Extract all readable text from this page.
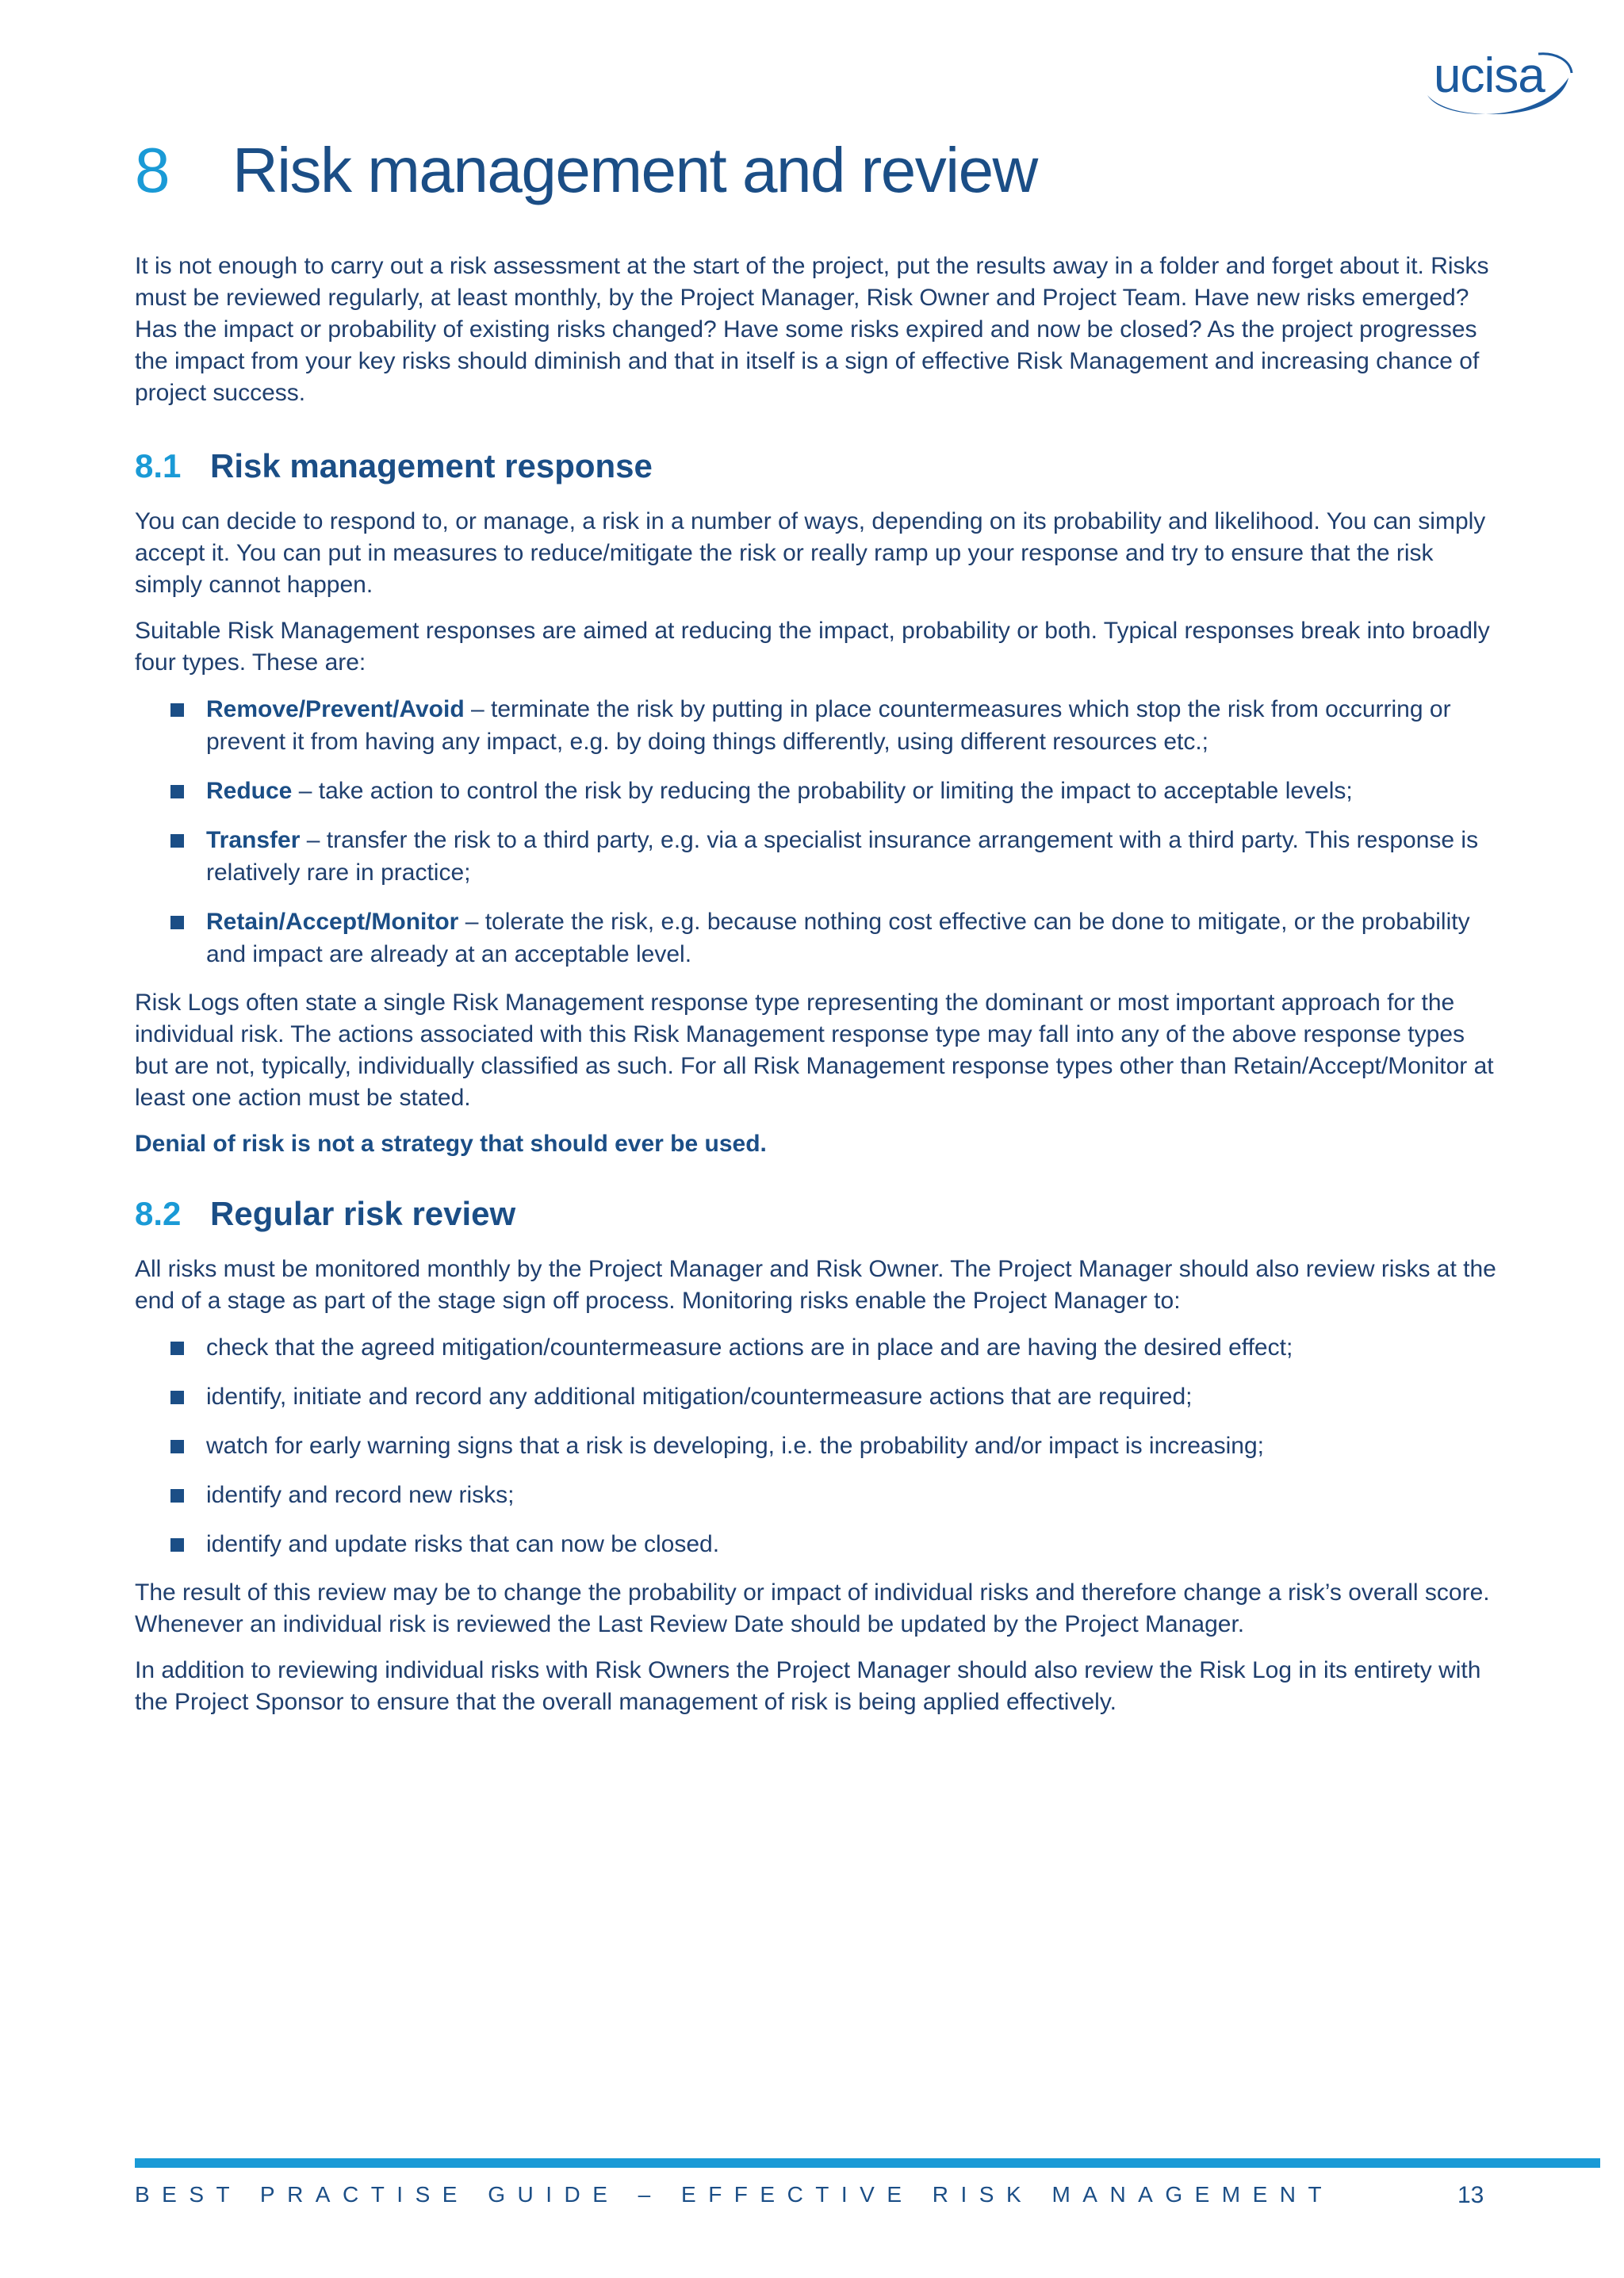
ucisa
8 Risk management and review

It is not enough to carry out a risk assessment at the start of the project, put the results away in a folder and forget about it. Risks must be reviewed regularly, at least monthly, by the Project Manager, Risk Owner and Project Team. Have new risks emerged? Has the impact or probability of existing risks changed? Have some risks expired and now be closed? As the project progresses the impact from your key risks should diminish and that in itself is a sign of effective Risk Management and increasing chance of project success.

8.1 Risk management response

You can decide to respond to, or manage, a risk in a number of ways, depending on its probability and likelihood. You can simply accept it. You can put in measures to reduce/mitigate the risk or really ramp up your response and try to ensure that the risk simply cannot happen.

Suitable Risk Management responses are aimed at reducing the impact, probability or both. Typical responses break into broadly four types. These are:

Remove/Prevent/Avoid – terminate the risk by putting in place countermeasures which stop the risk from occurring or prevent it from having any impact, e.g. by doing things differently, using different resources etc.;
Reduce – take action to control the risk by reducing the probability or limiting the impact to acceptable levels;
Transfer – transfer the risk to a third party, e.g. via a specialist insurance arrangement with a third party. This response is relatively rare in practice;
Retain/Accept/Monitor – tolerate the risk, e.g. because nothing cost effective can be done to mitigate, or the probability and impact are already at an acceptable level.

Risk Logs often state a single Risk Management response type representing the dominant or most important approach for the individual risk. The actions associated with this Risk Management response type may fall into any of the above response types but are not, typically, individually classified as such. For all Risk Management response types other than Retain/Accept/Monitor at least one action must be stated.

Denial of risk is not a strategy that should ever be used.

8.2 Regular risk review

All risks must be monitored monthly by the Project Manager and Risk Owner. The Project Manager should also review risks at the end of a stage as part of the stage sign off process. Monitoring risks enable the Project Manager to:

check that the agreed mitigation/countermeasure actions are in place and are having the desired effect;
identify, initiate and record any additional mitigation/countermeasure actions that are required;
watch for early warning signs that a risk is developing, i.e. the probability and/or impact is increasing;
identify and record new risks;
identify and update risks that can now be closed.

The result of this review may be to change the probability or impact of individual risks and therefore change a risk’s overall score. Whenever an individual risk is reviewed the Last Review Date should be updated by the Project Manager.

In addition to reviewing individual risks with Risk Owners the Project Manager should also review the Risk Log in its entirety with the Project Sponsor to ensure that the overall management of risk is being applied effectively.

BEST PRACTISE GUIDE – EFFECTIVE RISK MANAGEMENT	13
